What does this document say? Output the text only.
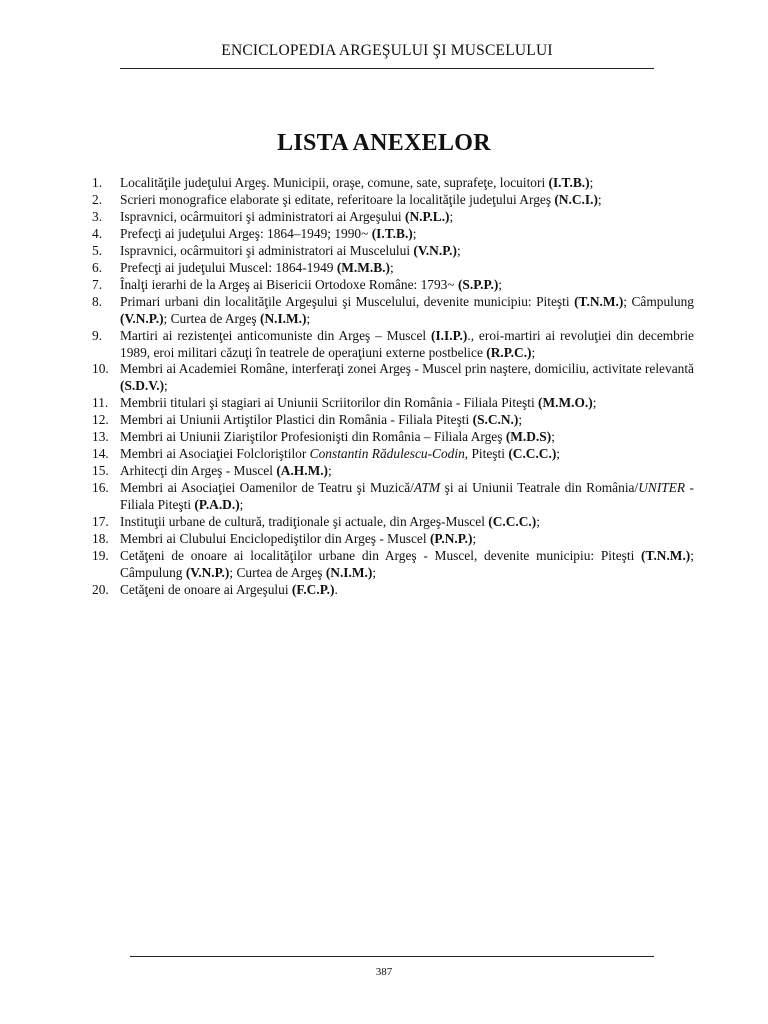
ENCICLOPEDIA ARGEŞULUI ŞI MUSCELULUI
LISTA ANEXELOR
1. Localităţile judeţului Argeş. Municipii, oraşe, comune, sate, suprafeţe, locuitori (I.T.B.);
2. Scrieri monografice elaborate şi editate, referitoare la localităţile judeţului Argeş (N.C.I.);
3. Ispravnici, ocârmuitori şi administratori ai Argeşului (N.P.L.);
4. Prefecţi ai judeţului Argeş: 1864–1949; 1990~ (I.T.B.);
5. Ispravnici, ocârmuitori şi administratori ai Muscelului (V.N.P.);
6. Prefecţi ai judeţului Muscel: 1864-1949 (M.M.B.);
7. Înalţi ierarhi de la Argeş ai Bisericii Ortodoxe Române: 1793~ (S.P.P.);
8. Primari urbani din localităţile Argeşului şi Muscelului, devenite municipiu: Piteşti (T.N.M.); Câmpulung (V.N.P.); Curtea de Argeş (N.I.M.);
9. Martiri ai rezistenţei anticomuniste din Argeş – Muscel (I.I.P.)., eroi-martiri ai revoluţiei din decembrie 1989, eroi militari căzuţi în teatrele de operaţiuni externe postbelice (R.P.C.);
10. Membri ai Academiei Române, interferaţi zonei Argeş - Muscel prin naştere, domiciliu, activitate relevantă (S.D.V.);
11. Membrii titulari şi stagiari ai Uniunii Scriitorilor din România - Filiala Piteşti (M.M.O.);
12. Membri ai Uniunii Artiştilor Plastici din România - Filiala Piteşti (S.C.N.);
13. Membri ai Uniunii Ziariştilor Profesionişti din România – Filiala Argeş (M.D.S);
14. Membri ai Asociaţiei Folcloriştilor Constantin Rădulescu-Codin, Piteşti (C.C.C.);
15. Arhitecţi din Argeş - Muscel (A.H.M.);
16. Membri ai Asociaţiei Oamenilor de Teatru şi Muzică/ATM şi ai Uniunii Teatrale din România/UNITER - Filiala Piteşti (P.A.D.);
17. Instituţii urbane de cultură, tradiţionale şi actuale, din Argeş-Muscel (C.C.C.);
18. Membri ai Clubului Enciclopediştilor din Argeş - Muscel (P.N.P.);
19. Cetăţeni de onoare ai localităţilor urbane din Argeş - Muscel, devenite municipiu: Piteşti (T.N.M.); Câmpulung (V.N.P.); Curtea de Argeş (N.I.M.);
20. Cetăţeni de onoare ai Argeşului (F.C.P.).
387
